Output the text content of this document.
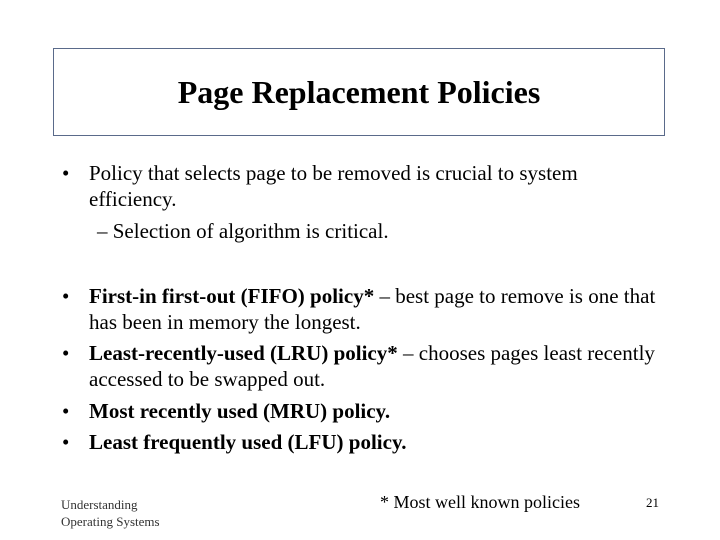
Page Replacement Policies
• Policy that selects page to be removed is crucial to system efficiency.
– Selection of algorithm is critical.
• First-in first-out (FIFO) policy* – best page to remove is one that has been in memory the longest.
• Least-recently-used (LRU) policy* – chooses pages least recently accessed to be swapped out.
• Most recently used (MRU) policy.
• Least frequently used (LFU) policy.
Understanding
Operating Systems
* Most well known policies	21
